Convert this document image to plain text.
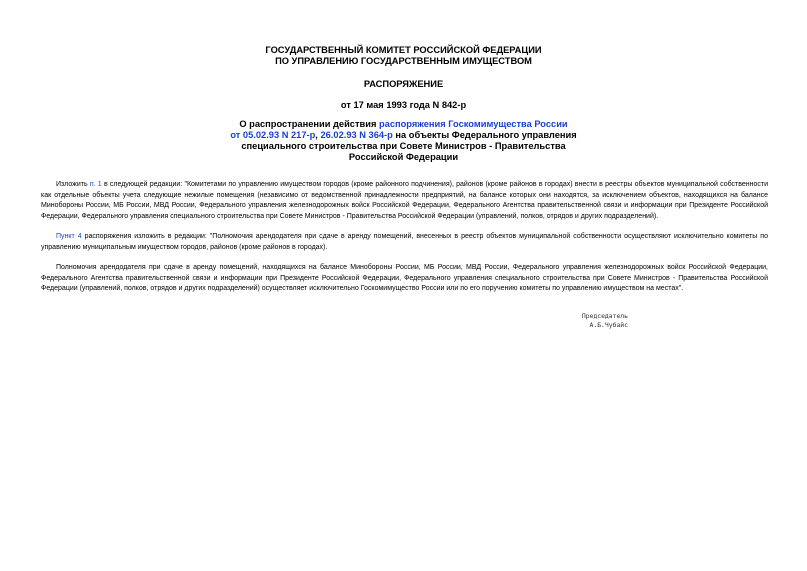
ГОСУДАРСТВЕННЫЙ КОМИТЕТ РОССИЙСКОЙ ФЕДЕРАЦИИ
ПО УПРАВЛЕНИЮ ГОСУДАРСТВЕННЫМ ИМУЩЕСТВОМ
РАСПОРЯЖЕНИЕ
от 17 мая 1993 года N 842-р
О распространении действия распоряжения Госкомимущества России
от 05.02.93 N 217-р, 26.02.93 N 364-р на объекты Федерального управления
специального строительства при Совете Министров - Правительства
Российской Федерации
Изложить п. 1 в следующей редакции: "Комитетами по управлению имуществом городов (кроме районного подчинения), районов (кроме районов в городах) внести в реестры объектов муниципальной собственности как отдельные объекты учета следующие нежилые помещения (независимо от ведомственной принадлежности предприятий, на балансе которых они находятся, за исключением объектов, находящихся на балансе Минобороны России, МБ России, МВД России, Федерального управления железнодорожных войск Российской Федерации, Федерального Агентства правительственной связи и информации при Президенте Российской Федерации, Федерального управления специального строительства при Совете Министров - Правительства Российской Федерации (управлений, полков, отрядов и других подразделений).
Пункт 4 распоряжения изложить в редакции: "Полномочия арендодателя при сдаче в аренду помещений, внесенных в реестр объектов муниципальной собственности осуществляют исключительно комитеты по управлению муниципальным имуществом городов, районов (кроме районов в городах).
Полномочия арендодателя при сдаче в аренду помещений, находящихся на балансе Минобороны России, МБ России, МВД России, Федерального управления железнодорожных войск Российской Федерации, Федерального Агентства правительственной связи и информации при Президенте Российской Федерации, Федерального управления специального строительства при Совете Министров - Правительства Российской Федерации (управлений, полков, отрядов и других подразделений) осуществляет исключительно Госкомимущество России или по его поручению комитеты по управлению имуществом на местах".
Председатель
А.Б.Чубайс
